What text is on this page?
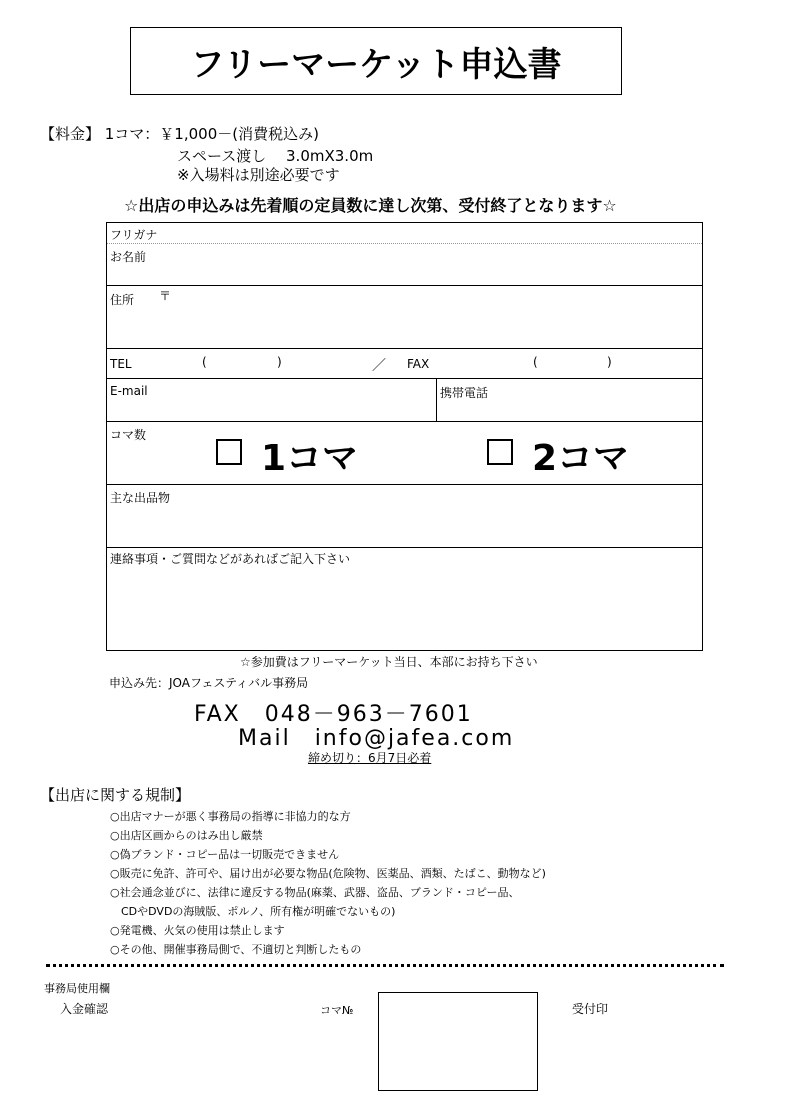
フリーマーケット申込書
【料金】 1コマ：￥1,000－(消費税込み)
スペース渡し　 3.0mX3.0m
※入場料は別途必要です
☆出店の申込みは先着順の定員数に達し次第、受付終了となります☆
フリガナ
お名前
住所 〒
TEL	(	)	／ FAX	(	)
E-mail	携帯電話
コマ数
1コマ	2コマ
主な出品物
連絡事項・ご質問などがあればご記入下さい
☆参加費はフリーマーケット当日、本部にお持ち下さい
申込み先：JOAフェスティバル事務局
FAX　048－963－7601
Mail　info@jafea.com
締め切り：6月7日必着
【出店に関する規制】
○出店マナーが悪く事務局の指導に非協力的な方
○出店区画からのはみ出し厳禁
○偽ブランド・コピー品は一切販売できません
○販売に免許、許可や、届け出が必要な物品(危険物、医薬品、酒類、たばこ、動物など)
○社会通念並びに、法律に違反する物品(麻薬、武器、盗品、ブランド・コピー品、
　CDやDVDの海賊版、ポルノ、所有権が明確でないもの)
○発電機、火気の使用は禁止します
○その他、開催事務局側で、不適切と判断したもの
事務局使用欄
入金確認	コマ№	受付印
